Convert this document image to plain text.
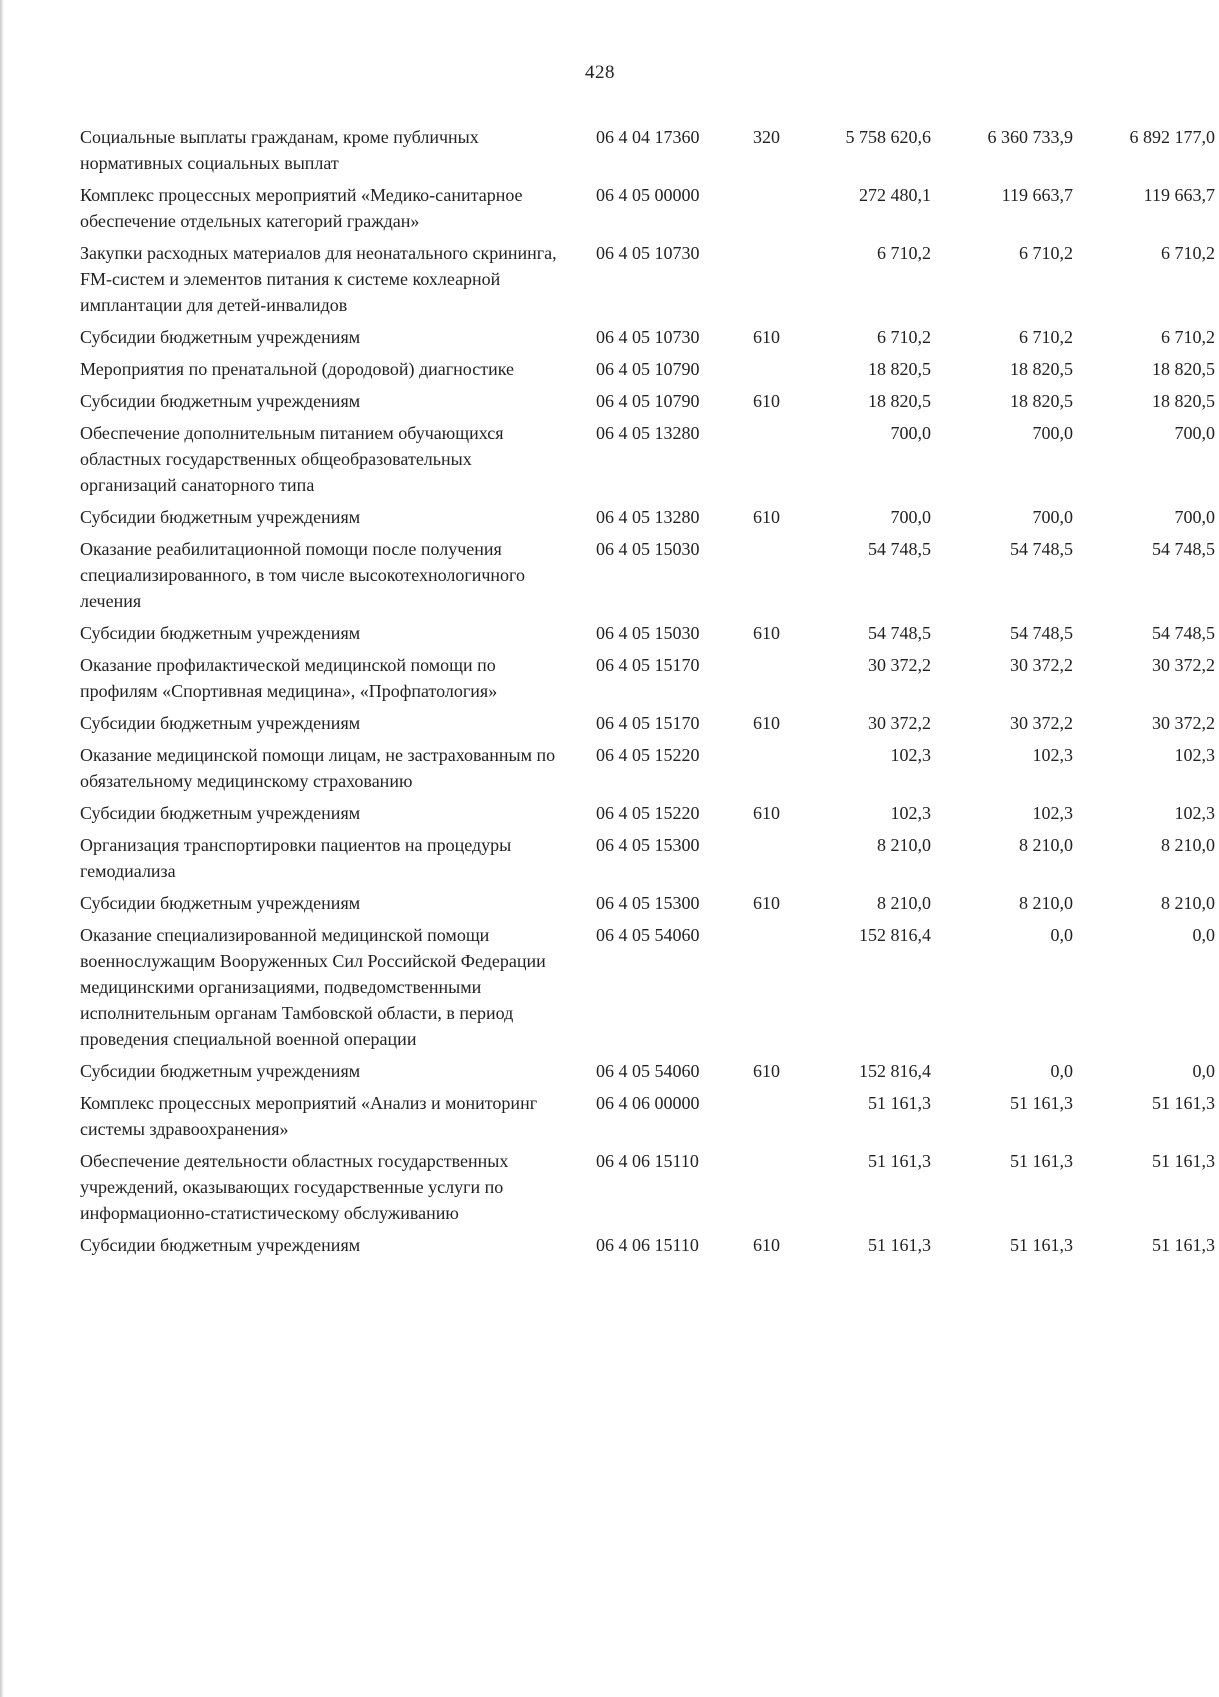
428
Социальные выплаты гражданам, кроме публичных нормативных социальных выплат	06 4 04 17360	320	5 758 620,6	6 360 733,9	6 892 177,0
Комплекс процессных мероприятий «Медико-санитарное обеспечение отдельных категорий граждан»	06 4 05 00000		272 480,1	119 663,7	119 663,7
Закупки расходных материалов для неонатального скрининга, FM-систем и элементов питания к системе кохлеарной имплантации для детей-инвалидов	06 4 05 10730		6 710,2	6 710,2	6 710,2
Субсидии бюджетным учреждениям	06 4 05 10730	610	6 710,2	6 710,2	6 710,2
Мероприятия по пренатальной (дородовой) диагностике	06 4 05 10790		18 820,5	18 820,5	18 820,5
Субсидии бюджетным учреждениям	06 4 05 10790	610	18 820,5	18 820,5	18 820,5
Обеспечение дополнительным питанием обучающихся областных государственных общеобразовательных организаций санаторного типа	06 4 05 13280		700,0	700,0	700,0
Субсидии бюджетным учреждениям	06 4 05 13280	610	700,0	700,0	700,0
Оказание реабилитационной помощи после получения специализированного, в том числе высокотехнологичного лечения	06 4 05 15030		54 748,5	54 748,5	54 748,5
Субсидии бюджетным учреждениям	06 4 05 15030	610	54 748,5	54 748,5	54 748,5
Оказание профилактической медицинской помощи по профилям «Спортивная медицина», «Профпатология»	06 4 05 15170		30 372,2	30 372,2	30 372,2
Субсидии бюджетным учреждениям	06 4 05 15170	610	30 372,2	30 372,2	30 372,2
Оказание медицинской помощи лицам, не застрахованным по обязательному медицинскому страхованию	06 4 05 15220		102,3	102,3	102,3
Субсидии бюджетным учреждениям	06 4 05 15220	610	102,3	102,3	102,3
Организация транспортировки пациентов на процедуры гемодиализа	06 4 05 15300		8 210,0	8 210,0	8 210,0
Субсидии бюджетным учреждениям	06 4 05 15300	610	8 210,0	8 210,0	8 210,0
Оказание специализированной медицинской помощи военнослужащим Вооруженных Сил Российской Федерации медицинскими организациями, подведомственными исполнительным органам Тамбовской области, в период проведения специальной военной операции	06 4 05 54060		152 816,4	0,0	0,0
Субсидии бюджетным учреждениям	06 4 05 54060	610	152 816,4	0,0	0,0
Комплекс процессных мероприятий «Анализ и мониторинг системы здравоохранения»	06 4 06 00000		51 161,3	51 161,3	51 161,3
Обеспечение деятельности областных государственных учреждений, оказывающих государственные услуги по информационно-статистическому обслуживанию	06 4 06 15110		51 161,3	51 161,3	51 161,3
Субсидии бюджетным учреждениям	06 4 06 15110	610	51 161,3	51 161,3	51 161,3
